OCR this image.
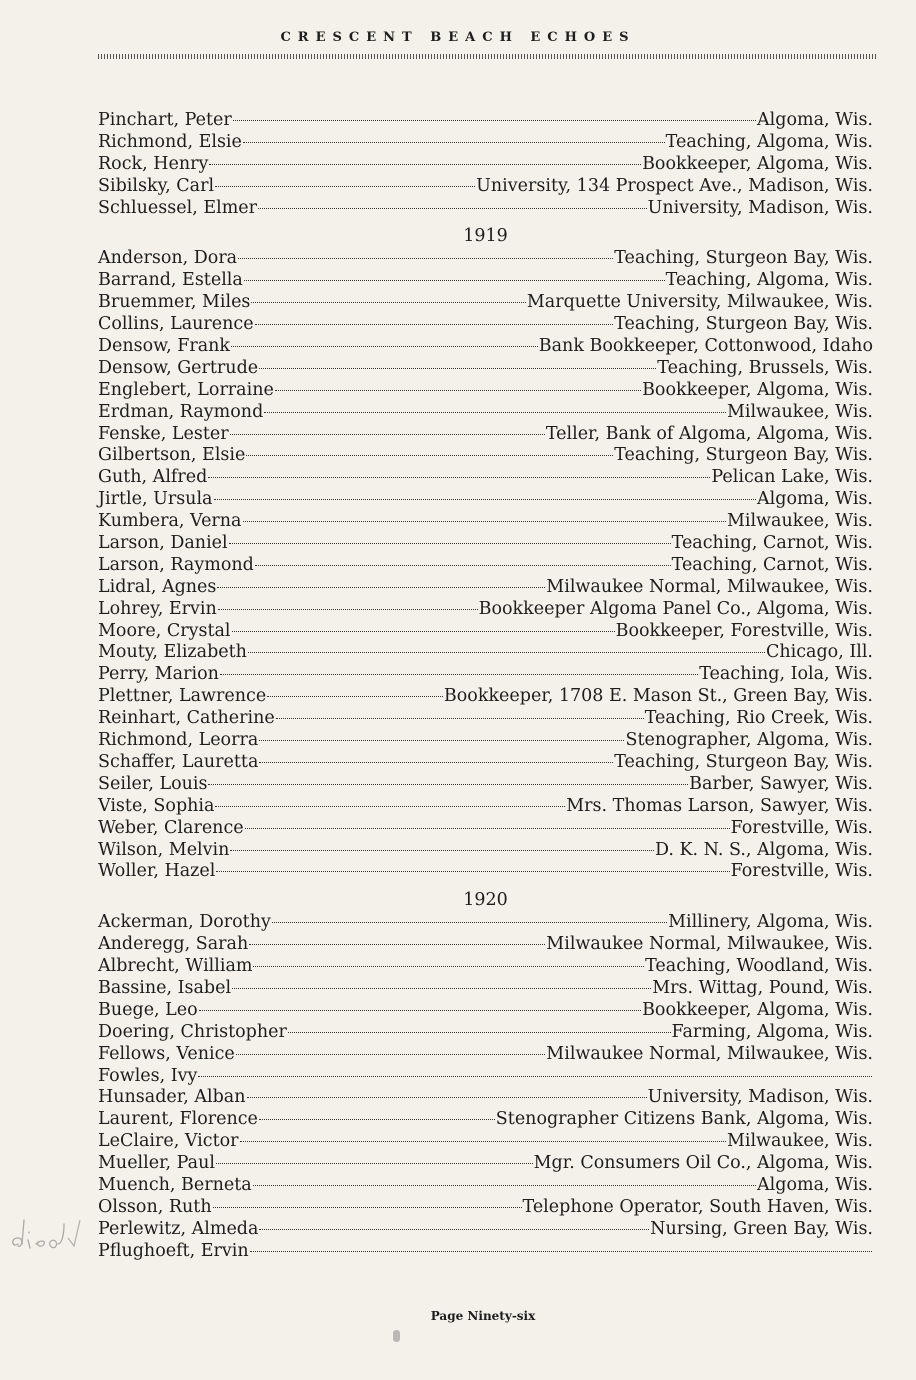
CRESCENT BEACH ECHOES
Pinchart, Peter	Algoma, Wis.
Richmond, Elsie	Teaching, Algoma, Wis.
Rock, Henry	Bookkeeper, Algoma, Wis.
Sibilsky, Carl	University, 134 Prospect Ave., Madison, Wis.
Schluessel, Elmer	University, Madison, Wis.
1919
Anderson, Dora	Teaching, Sturgeon Bay, Wis.
Barrand, Estella	Teaching, Algoma, Wis.
Bruemmer, Miles	Marquette University, Milwaukee, Wis.
Collins, Laurence	Teaching, Sturgeon Bay, Wis.
Densow, Frank	Bank Bookkeeper, Cottonwood, Idaho
Densow, Gertrude	Teaching, Brussels, Wis.
Englebert, Lorraine	Bookkeeper, Algoma, Wis.
Erdman, Raymond	Milwaukee, Wis.
Fenske, Lester	Teller, Bank of Algoma, Algoma, Wis.
Gilbertson, Elsie	Teaching, Sturgeon Bay, Wis.
Guth, Alfred	Pelican Lake, Wis.
Jirtle, Ursula	Algoma, Wis.
Kumbera, Verna	Milwaukee, Wis.
Larson, Daniel	Teaching, Carnot, Wis.
Larson, Raymond	Teaching, Carnot, Wis.
Lidral, Agnes	Milwaukee Normal, Milwaukee, Wis.
Lohrey, Ervin	Bookkeeper Algoma Panel Co., Algoma, Wis.
Moore, Crystal	Bookkeeper, Forestville, Wis.
Mouty, Elizabeth	Chicago, Ill.
Perry, Marion	Teaching, Iola, Wis.
Plettner, Lawrence	Bookkeeper, 1708 E. Mason St., Green Bay, Wis.
Reinhart, Catherine	Teaching, Rio Creek, Wis.
Richmond, Leorra	Stenographer, Algoma, Wis.
Schaffer, Lauretta	Teaching, Sturgeon Bay, Wis.
Seiler, Louis	Barber, Sawyer, Wis.
Viste, Sophia	Mrs. Thomas Larson, Sawyer, Wis.
Weber, Clarence	Forestville, Wis.
Wilson, Melvin	D. K. N. S., Algoma, Wis.
Woller, Hazel	Forestville, Wis.
1920
Ackerman, Dorothy	Millinery, Algoma, Wis.
Anderegg, Sarah	Milwaukee Normal, Milwaukee, Wis.
Albrecht, William	Teaching, Woodland, Wis.
Bassine, Isabel	Mrs. Wittag, Pound, Wis.
Buege, Leo	Bookkeeper, Algoma, Wis.
Doering, Christopher	Farming, Algoma, Wis.
Fellows, Venice	Milwaukee Normal, Milwaukee, Wis.
Fowles, Ivy
Hunsader, Alban	University, Madison, Wis.
Laurent, Florence	Stenographer Citizens Bank, Algoma, Wis.
LeClaire, Victor	Milwaukee, Wis.
Mueller, Paul	Mgr. Consumers Oil Co., Algoma, Wis.
Muench, Berneta	Algoma, Wis.
Olsson, Ruth	Telephone Operator, South Haven, Wis.
Perlewitz, Almeda	Nursing, Green Bay, Wis.
Pflughoeft, Ervin
Page Ninety-six
